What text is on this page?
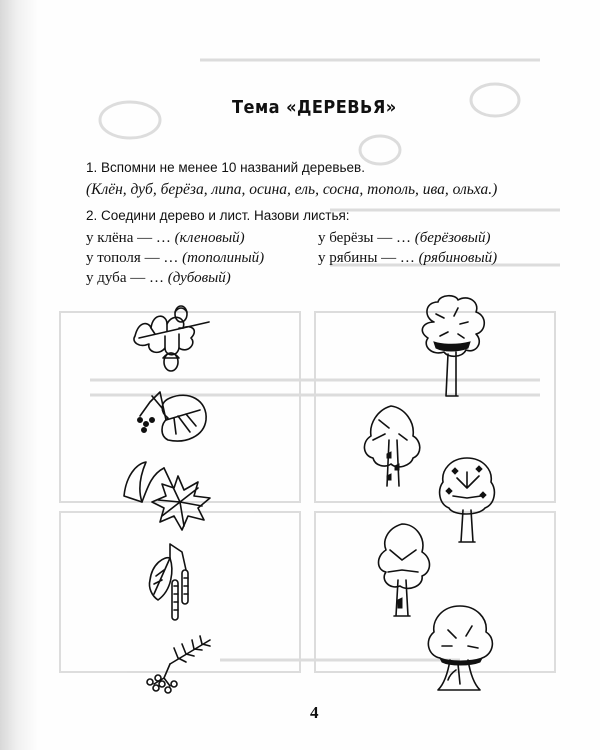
Тема «ДЕРЕВЬЯ»
1. Вспомни не менее 10 названий деревьев.
(Клён, дуб, берёза, липа, осина, ель, сосна, тополь, ива, ольха.)
2. Соедини дерево и лист. Назови листья:
у клёна — … (кленовый)
у тополя — … (тополиный)
у дуба — … (дубовый)
у берёзы — … (берёзовый)
у рябины — … (рябиновый)
4
